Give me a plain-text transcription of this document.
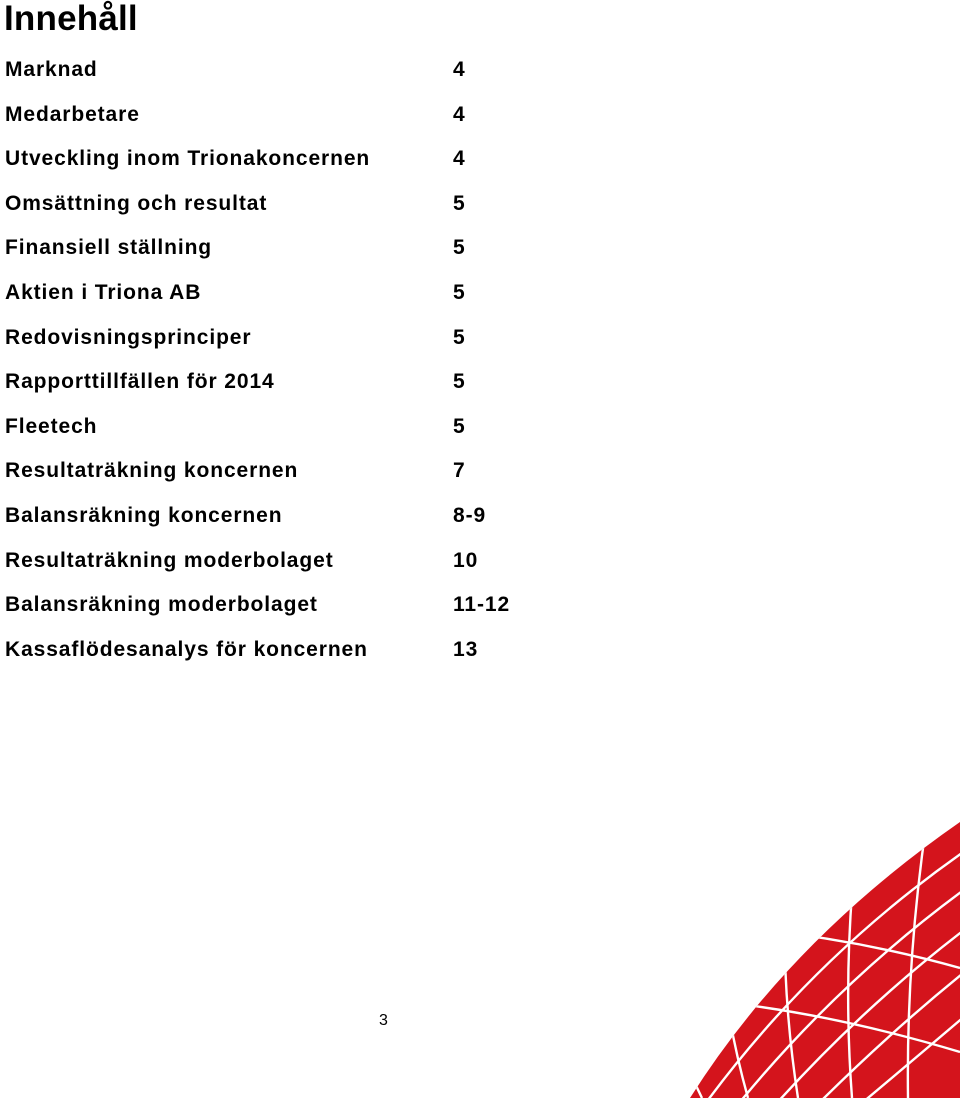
Innehåll
Marknad	4
Medarbetare	4
Utveckling inom Trionakoncernen	4
Omsättning och resultat	5
Finansiell ställning	5
Aktien i Triona AB	5
Redovisningsprinciper	5
Rapporttillfällen för 2014	5
Fleetech	5
Resultaträkning koncernen	7
Balansräkning koncernen	8-9
Resultaträkning moderbolaget	10
Balansräkning moderbolaget	11-12
Kassaflödesanalys för koncernen	13
3
